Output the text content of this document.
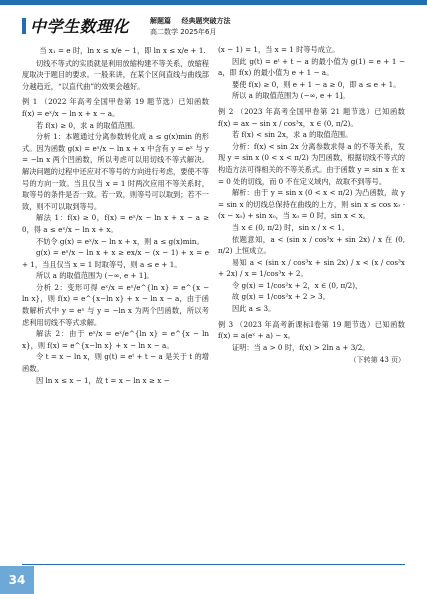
中学生数理化	解题篇 经典题突破方法
高二数学 2025年6月

当 x₁ = e 时，ln x ≤ x/e − 1，即 ln x ≤ x/e + 1.

切线不等式的实质就是利用放缩构建不等关系，放缩程度取决于题目的要求。一般来讲，在某个区间直线与曲线部分越趋近，“以直代曲”的效果会越好。

例 1 （2022 年高考全国甲卷第 19 题节选）已知函数 f(x) = eˣ/x − ln x + x − a。

若 f(x) ≥ 0，求 a 的取值范围。

分析 1：本题通过分离参数转化成 a ≤ g(x)min 的形式。因为函数 g(x) = eˣ/x − ln x + x 中含有 y = eˣ 与 y = −ln x 两个凹函数，所以考虑可以用切线不等式解决。解决问题的过程中还应对不等号的方向进行考虑，要使不等号的方向一致。当且仅当 x = 1 时两次应用不等关系时，取等号的条件是否一致。若一致，则等号可以取到；若不一致，则不可以取到等号。

解法 1：f(x) ≥ 0，f(x) = eˣ/x − ln x + x − a ≥ 0，得 a ≤ eˣ/x − ln x + x。

不妨令 g(x) = eˣ/x − ln x + x，则 a ≤ g(x)min。

g(x) = eˣ/x − ln x + x ≥ ex/x − (x − 1) + x = e + 1，当且仅当 x = 1 时取等号，则 a ≤ e + 1。

所以 a 的取值范围为 (−∞, e + 1]。

分析 2：变形可得 eˣ/x = eˣ/e^{ln x} = e^{x − ln x}，则 f(x) = e^{x−ln x} + x − ln x − a，由于函数解析式中 y = eˣ 与 y = −ln x 为两个凹函数，所以考虑利用切线不等式求解。

解法 2：由于 eˣ/x = eˣ/e^{ln x} = e^{x − ln x}，则 f(x) = e^{x−ln x} + x − ln x − a。

令 t = x − ln x，则 g(t) = eᵗ + t − a 是关于 t 的增函数。

因 ln x ≤ x − 1，故 t = x − ln x ≥ x −

(x − 1) = 1，当 x = 1 时等号成立。

因此 g(t) = eᵗ + t − a 的最小值为 g(1) = e + 1 − a，即 f(x) 的最小值为 e + 1 − a。

要使 f(x) ≥ 0，则 e + 1 − a ≥ 0，即 a ≤ e + 1。

所以 a 的取值范围为 (−∞, e + 1]。

例 2 （2023 年高考全国甲卷第 21 题节选）已知函数 f(x) = ax − sin x / cos³x，x ∈ (0, π/2)。

若 f(x) < sin 2x，求 a 的取值范围。

分析：f(x) < sin 2x 分离参数求得 a 的不等关系，发现 y = sin x (0 < x < π/2) 为凹函数，根据切线不等式的构造方法可得相关的不等关系式。由于函数 y = sin x 在 x = 0 处的切线，而 0 不在定义域内，故取不到等号。

解析：由于 y = sin x (0 < x < π/2) 为凸函数，故 y = sin x 的切线总保持在曲线的上方，则 sin x ≤ cos x₀ · (x − x₀) + sin x₀，当 x₀ = 0 时，sin x < x。

当 x ∈ (0, π/2) 时，sin x / x < 1。

依题意知，a < (sin x / cos³x + sin 2x) / x 在 (0, π/2) 上恒成立。

易知 a < (sin x / cos³x + sin 2x) / x < (x / cos³x + 2x) / x = 1/cos³x + 2。

令 g(x) = 1/cos²x + 2，x ∈ (0, π/2)，

故 g(x) = 1/cos²x + 2 > 3。

因此 a ≤ 3。

例 3 （2023 年高考新课标Ⅰ卷第 19 题节选）已知函数 f(x) = a(eˣ + a) − x。

证明：当 a > 0 时，f(x) > 2ln a + 3/2。

（下转第 43 页）
34
